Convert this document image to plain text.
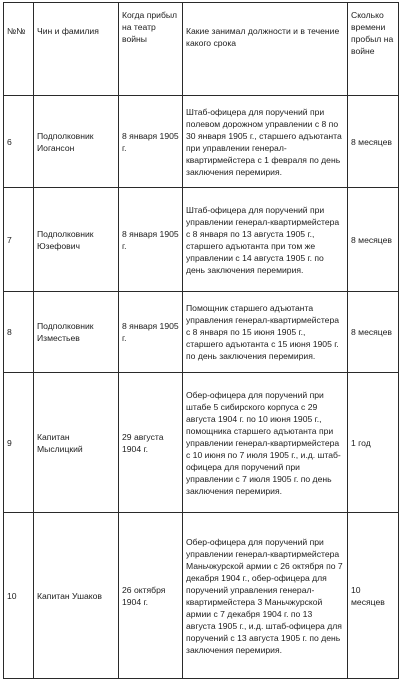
№№	Чин и фамилия	Когда прибыл на театр войны	Какие занимал должности и в течение какого срока	Сколько времени пробыл на войне
6	Подполковник Иогансон	8 января 1905 г.	Штаб-офицера для поручений при полевом дорожном управлении с 8 по 30 января 1905 г., старшего адъютанта при управлении генерал-квартирмейстера с 1 февраля по день заключения перемирия.	8 месяцев
7	Подполковник Юзефович	8 января 1905 г.	Штаб-офицера для поручений при управлении генерал-квартирмейстера с 8 января по 13 августа 1905 г., старшего адъютанта при том же управлении с 14 августа 1905 г. по день заключения перемирия.	8 месяцев
8	Подполковник Изместьев	8 января 1905 г.	Помощник старшего адъютанта управления генерал-квартирмейстера с 8 января по 15 июня 1905 г., старшего адъютанта с 15 июня 1905 г. по день заключения перемирия.	8 месяцев
9	Капитан Мыслицкий	29 августа 1904 г.	Обер-офицера для поручений при штабе 5 сибирского корпуса с 29 августа 1904 г. по 10 июня 1905 г., помощника старшего адъютанта при управлении генерал-квартирмейстера с 10 июня по 7 июля 1905 г., и.д. штаб-офицера для поручений при управлении с 7 июля 1905 г. по день заключения перемирия.	1 год
10	Капитан Ушаков	26 октября 1904 г.	Обер-офицера для поручений при управлении генерал-квартирмейстера Маньчжурской армии с 26 октября по 7 декабря 1904 г., обер-офицера для поручений управления генерал-квартирмейстера 3 Маньчжурской армии с 7 декабря 1904 г. по 13 августа 1905 г., и.д. штаб-офицера для поручений с 13 августа 1905 г. по день заключения перемирия.	10 месяцев
